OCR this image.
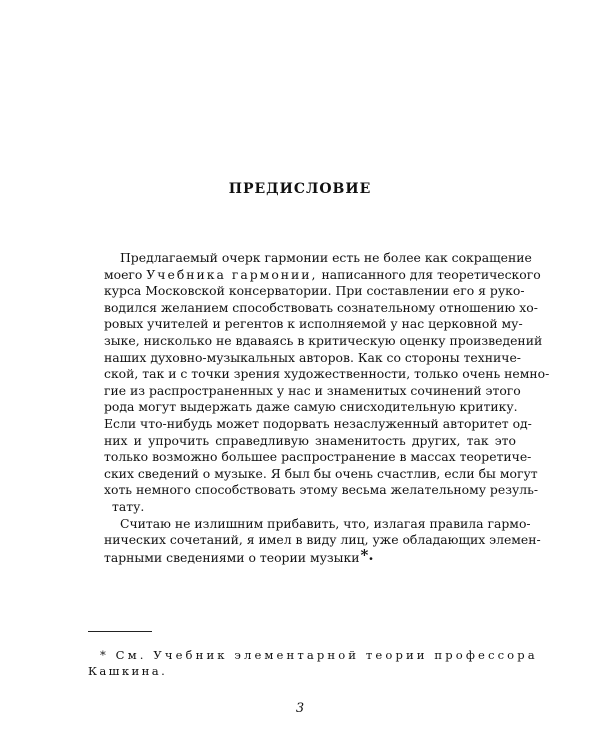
ПРЕДИСЛОВИЕ

Предлагаемый очерк гармонии есть не более как сокращение
моего Учебника гармонии, написанного для теоретического
курса Московской консерватории. При составлении его я руко-
водился желанием способствовать сознательному отношению хо-
ровых учителей и регентов к исполняемой у нас церковной му-
зыке, нисколько не вдаваясь в критическую оценку произведений
наших духовно-музыкальных авторов. Как со стороны техниче-
ской, так и с точки зрения художественности, только очень немно-
гие из распространенных у нас и знаменитых сочинений этого
рода могут выдержать даже самую снисходительную критику.
Если что-нибудь может подорвать незаслуженный авторитет од-
них и упрочить справедливую знаменитость других, так это
только возможно большее распространение в массах теоретиче-
ских сведений о музыке. Я был бы очень счастлив, если бы могут
хоть немного способствовать этому весьма желательному резуль-
тату.

Считаю не излишним прибавить, что, излагая правила гармо-
нических сочетаний, я имел в виду лиц, уже обладающих элемен-
тарными сведениями о теории музыки*.

* См. Учебник элементарной теории профессора
Кашкина.
3
